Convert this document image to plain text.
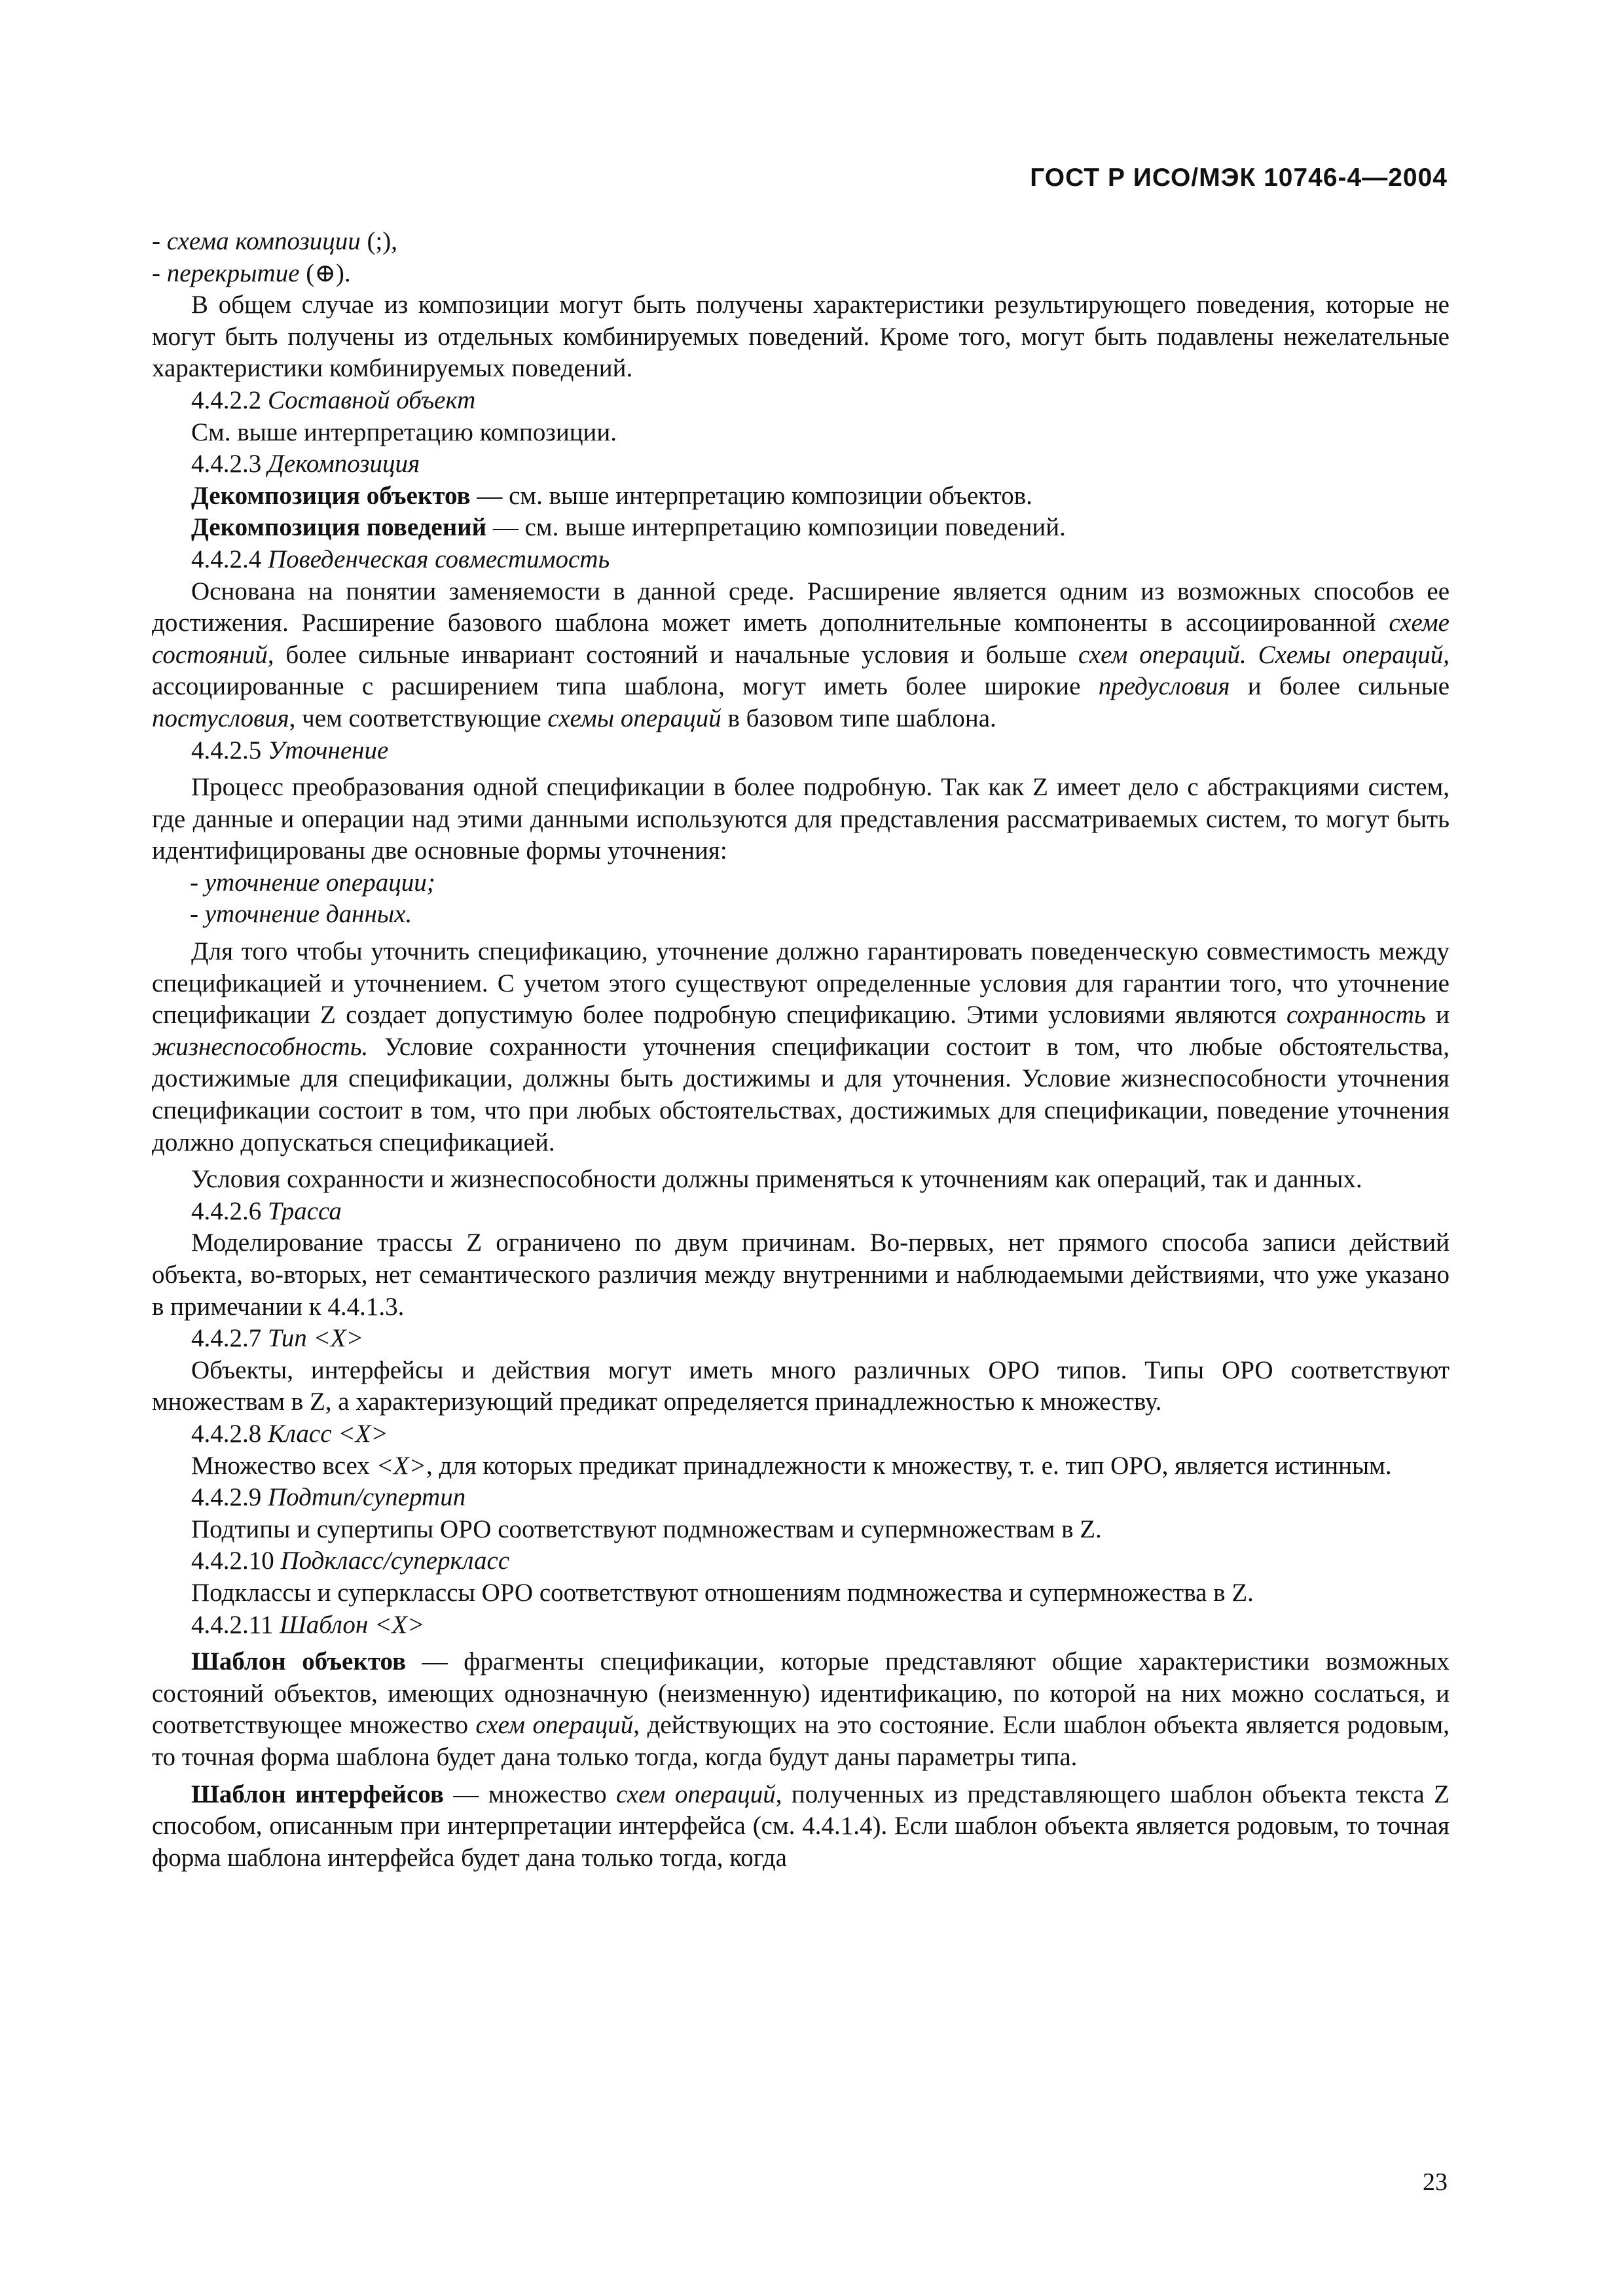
ГОСТ Р ИСО/МЭК 10746-4—2004

- схема композиции (;),

- перекрытие (⊕).

В общем случае из композиции могут быть получены характеристики результирующего поведения, которые не могут быть получены из отдельных комбинируемых поведений. Кроме того, могут быть подавлены нежелательные характеристики комбинируемых поведений.

4.4.2.2 Составной объект

См. выше интерпретацию композиции.

4.4.2.3 Декомпозиция

Декомпозиция объектов — см. выше интерпретацию композиции объектов.

Декомпозиция поведений — см. выше интерпретацию композиции поведений.

4.4.2.4 Поведенческая совместимость

Основана на понятии заменяемости в данной среде. Расширение является одним из возможных способов ее достижения. Расширение базового шаблона может иметь дополнительные компоненты в ассоциированной схеме состояний, более сильные инвариант состояний и начальные условия и больше схем операций. Схемы операций, ассоциированные с расширением типа шаблона, могут иметь более широкие предусловия и более сильные постусловия, чем соответствующие схемы операций в базовом типе шаблона.

4.4.2.5 Уточнение

Процесс преобразования одной спецификации в более подробную. Так как Z имеет дело с абстракциями систем, где данные и операции над этими данными используются для представления рассматриваемых систем, то могут быть идентифицированы две основные формы уточнения:

- уточнение операции;

- уточнение данных.

Для того чтобы уточнить спецификацию, уточнение должно гарантировать поведенческую совместимость между спецификацией и уточнением. С учетом этого существуют определенные условия для гарантии того, что уточнение спецификации Z создает допустимую более подробную спецификацию. Этими условиями являются сохранность и жизнеспособность. Условие сохранности уточнения спецификации состоит в том, что любые обстоятельства, достижимые для спецификации, должны быть достижимы и для уточнения. Условие жизнеспособности уточнения спецификации состоит в том, что при любых обстоятельствах, достижимых для спецификации, поведение уточнения должно допускаться спецификацией.

Условия сохранности и жизнеспособности должны применяться к уточнениям как операций, так и данных.

4.4.2.6 Трасса

Моделирование трассы Z ограничено по двум причинам. Во-первых, нет прямого способа записи действий объекта, во-вторых, нет семантического различия между внутренними и наблюдаемыми действиями, что уже указано в примечании к 4.4.1.3.

4.4.2.7 Тип <X>

Объекты, интерфейсы и действия могут иметь много различных ОРО типов. Типы ОРО соответствуют множествам в Z, а характеризующий предикат определяется принадлежностью к множеству.

4.4.2.8 Класс <X>

Множество всех <X>, для которых предикат принадлежности к множеству, т. е. тип ОРО, является истинным.

4.4.2.9 Подтип/супертип

Подтипы и супертипы ОРО соответствуют подмножествам и супермножествам в Z.

4.4.2.10 Подкласс/суперкласс

Подклассы и суперклассы ОРО соответствуют отношениям подмножества и супермножества в Z.

4.4.2.11 Шаблон <X>

Шаблон объектов — фрагменты спецификации, которые представляют общие характеристики возможных состояний объектов, имеющих однозначную (неизменную) идентификацию, по которой на них можно сослаться, и соответствующее множество схем операций, действующих на это состояние. Если шаблон объекта является родовым, то точная форма шаблона будет дана только тогда, когда будут даны параметры типа.

Шаблон интерфейсов — множество схем операций, полученных из представляющего шаблон объекта текста Z способом, описанным при интерпретации интерфейса (см. 4.4.1.4). Если шаблон объекта является родовым, то точная форма шаблона интерфейса будет дана только тогда, когда

23
